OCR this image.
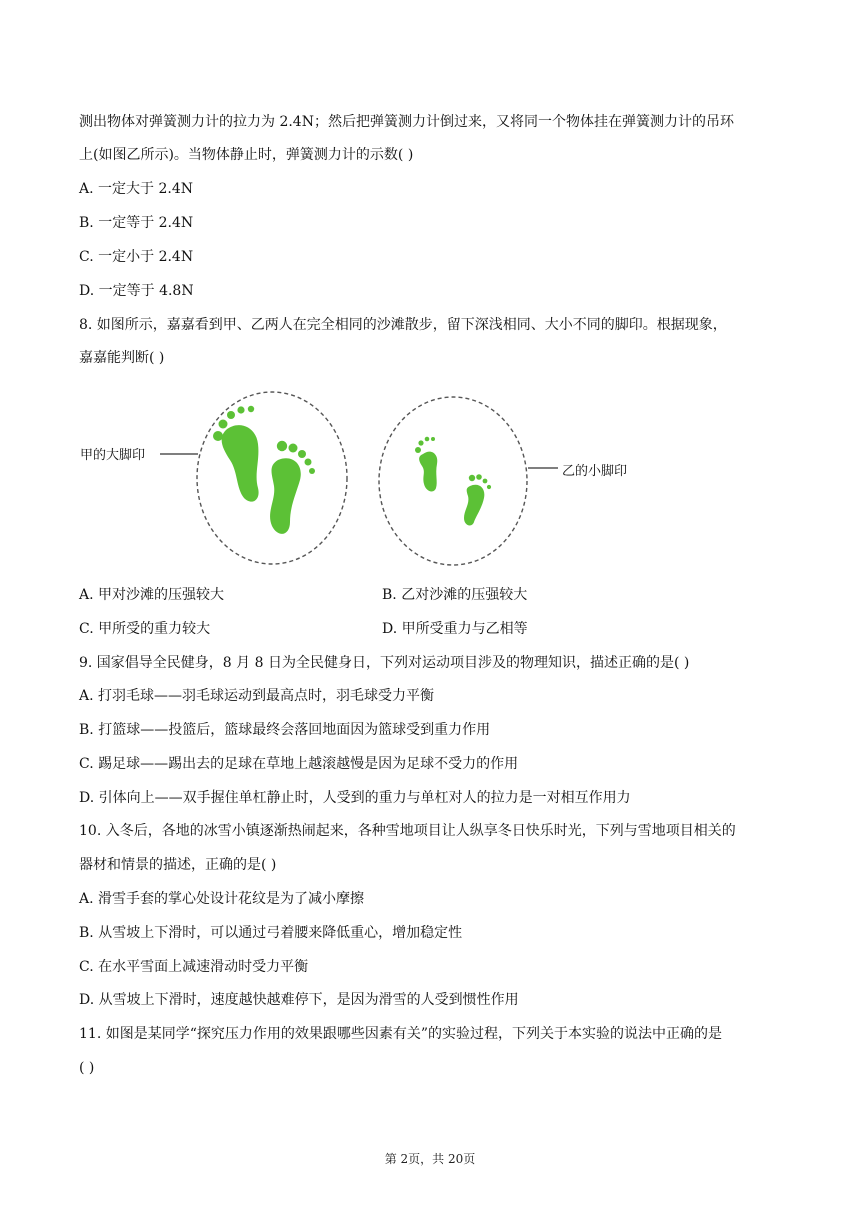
测出物体对弹簧测力计的拉力为 2.4N；然后把弹簧测力计倒过来，又将同一个物体挂在弹簧测力计的吊环
上(如图乙所示)。当物体静止时，弹簧测力计的示数( )
A. 一定大于 2.4N
B. 一定等于 2.4N
C. 一定小于 2.4N
D. 一定等于 4.8N
8. 如图所示，嘉嘉看到甲、乙两人在完全相同的沙滩散步，留下深浅相同、大小不同的脚印。根据现象，
嘉嘉能判断( )
甲的大脚印
乙的小脚印
A. 甲对沙滩的压强较大	B. 乙对沙滩的压强较大
C. 甲所受的重力较大	D. 甲所受重力与乙相等
9. 国家倡导全民健身，8 月 8 日为全民健身日，下列对运动项目涉及的物理知识，描述正确的是( )
A. 打羽毛球——羽毛球运动到最高点时，羽毛球受力平衡
B. 打篮球——投篮后，篮球最终会落回地面因为篮球受到重力作用
C. 踢足球——踢出去的足球在草地上越滚越慢是因为足球不受力的作用
D. 引体向上——双手握住单杠静止时，人受到的重力与单杠对人的拉力是一对相互作用力
10. 入冬后，各地的冰雪小镇逐渐热闹起来，各种雪地项目让人纵享冬日快乐时光，下列与雪地项目相关的
器材和情景的描述，正确的是( )
A. 滑雪手套的掌心处设计花纹是为了减小摩擦
B. 从雪坡上下滑时，可以通过弓着腰来降低重心，增加稳定性
C. 在水平雪面上减速滑动时受力平衡
D. 从雪坡上下滑时，速度越快越难停下，是因为滑雪的人受到惯性作用
11. 如图是某同学“探究压力作用的效果跟哪些因素有关”的实验过程，下列关于本实验的说法中正确的是
( )
第 2页，共 20页
